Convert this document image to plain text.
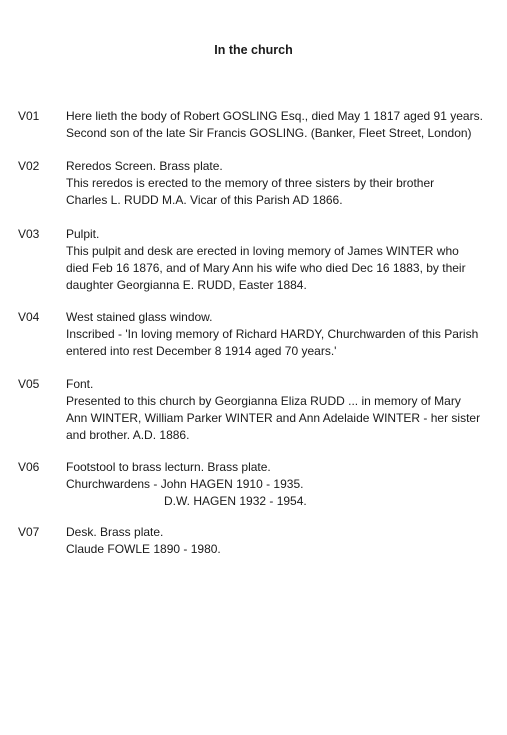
In the church
V01	Here lieth the body of Robert GOSLING Esq., died May 1 1817 aged 91 years.
Second son of the late Sir Francis GOSLING. (Banker, Fleet Street, London)
V02	Reredos Screen. Brass plate.
This reredos is erected to the memory of three sisters by their brother
Charles L. RUDD M.A. Vicar of this Parish AD 1866.
V03	Pulpit.
This pulpit and desk are erected in loving memory of James WINTER who
died Feb 16 1876, and of Mary Ann his wife who died Dec 16 1883, by their
daughter Georgianna E. RUDD, Easter 1884.
V04	West stained glass window.
Inscribed - 'In loving memory of Richard HARDY, Churchwarden of this Parish
entered into rest December 8 1914 aged 70 years.'
V05	Font.
Presented to this church by Georgianna Eliza RUDD ... in memory of Mary
Ann WINTER, William Parker WINTER and Ann Adelaide WINTER - her sister
and brother. A.D. 1886.
V06	Footstool to brass lecturn. Brass plate.
Churchwardens - John HAGEN 1910 - 1935.
D.W. HAGEN 1932 - 1954.
V07	Desk. Brass plate.
Claude FOWLE 1890 - 1980.
